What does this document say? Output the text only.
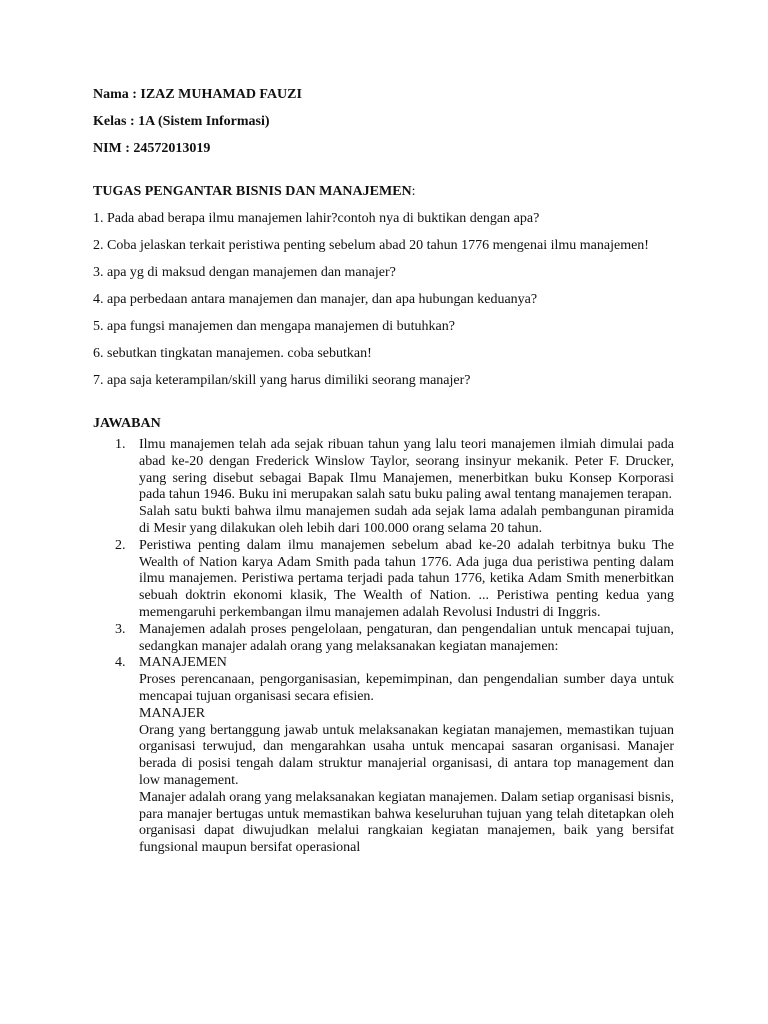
Nama : IZAZ MUHAMAD FAUZI

Kelas : 1A (Sistem Informasi)

NIM : 24572013019

TUGAS PENGANTAR BISNIS DAN MANAJEMEN:

1. Pada abad berapa ilmu manajemen lahir?contoh nya di buktikan dengan apa?

2. Coba jelaskan terkait peristiwa penting sebelum abad 20 tahun 1776 mengenai ilmu manajemen!

3. apa yg di maksud dengan manajemen dan manajer?

4. apa perbedaan antara manajemen dan manajer, dan apa hubungan keduanya?

5. apa fungsi manajemen dan mengapa manajemen di butuhkan?

6. sebutkan tingkatan manajemen. coba sebutkan!

7. apa saja keterampilan/skill yang harus dimiliki seorang manajer?

JAWABAN

1. Ilmu manajemen telah ada sejak ribuan tahun yang lalu teori manajemen ilmiah dimulai pada abad ke-20 dengan Frederick Winslow Taylor, seorang insinyur mekanik. Peter F. Drucker, yang sering disebut sebagai Bapak Ilmu Manajemen, menerbitkan buku Konsep Korporasi pada tahun 1946. Buku ini merupakan salah satu buku paling awal tentang manajemen terapan.
Salah satu bukti bahwa ilmu manajemen sudah ada sejak lama adalah pembangunan piramida di Mesir yang dilakukan oleh lebih dari 100.000 orang selama 20 tahun.
2. Peristiwa penting dalam ilmu manajemen sebelum abad ke-20 adalah terbitnya buku The Wealth of Nation karya Adam Smith pada tahun 1776. Ada juga dua peristiwa penting dalam ilmu manajemen. Peristiwa pertama terjadi pada tahun 1776, ketika Adam Smith menerbitkan sebuah doktrin ekonomi klasik, The Wealth of Nation. ... Peristiwa penting kedua yang memengaruhi perkembangan ilmu manajemen adalah Revolusi Industri di Inggris.
3. Manajemen adalah proses pengelolaan, pengaturan, dan pengendalian untuk mencapai tujuan, sedangkan manajer adalah orang yang melaksanakan kegiatan manajemen:
4. MANAJEMEN
Proses perencanaan, pengorganisasian, kepemimpinan, dan pengendalian sumber daya untuk mencapai tujuan organisasi secara efisien.
MANAJER
Orang yang bertanggung jawab untuk melaksanakan kegiatan manajemen, memastikan tujuan organisasi terwujud, dan mengarahkan usaha untuk mencapai sasaran organisasi. Manajer berada di posisi tengah dalam struktur manajerial organisasi, di antara top management dan low management.
Manajer adalah orang yang melaksanakan kegiatan manajemen. Dalam setiap organisasi bisnis, para manajer bertugas untuk memastikan bahwa keseluruhan tujuan yang telah ditetapkan oleh organisasi dapat diwujudkan melalui rangkaian kegiatan manajemen, baik yang bersifat fungsional maupun bersifat operasional
